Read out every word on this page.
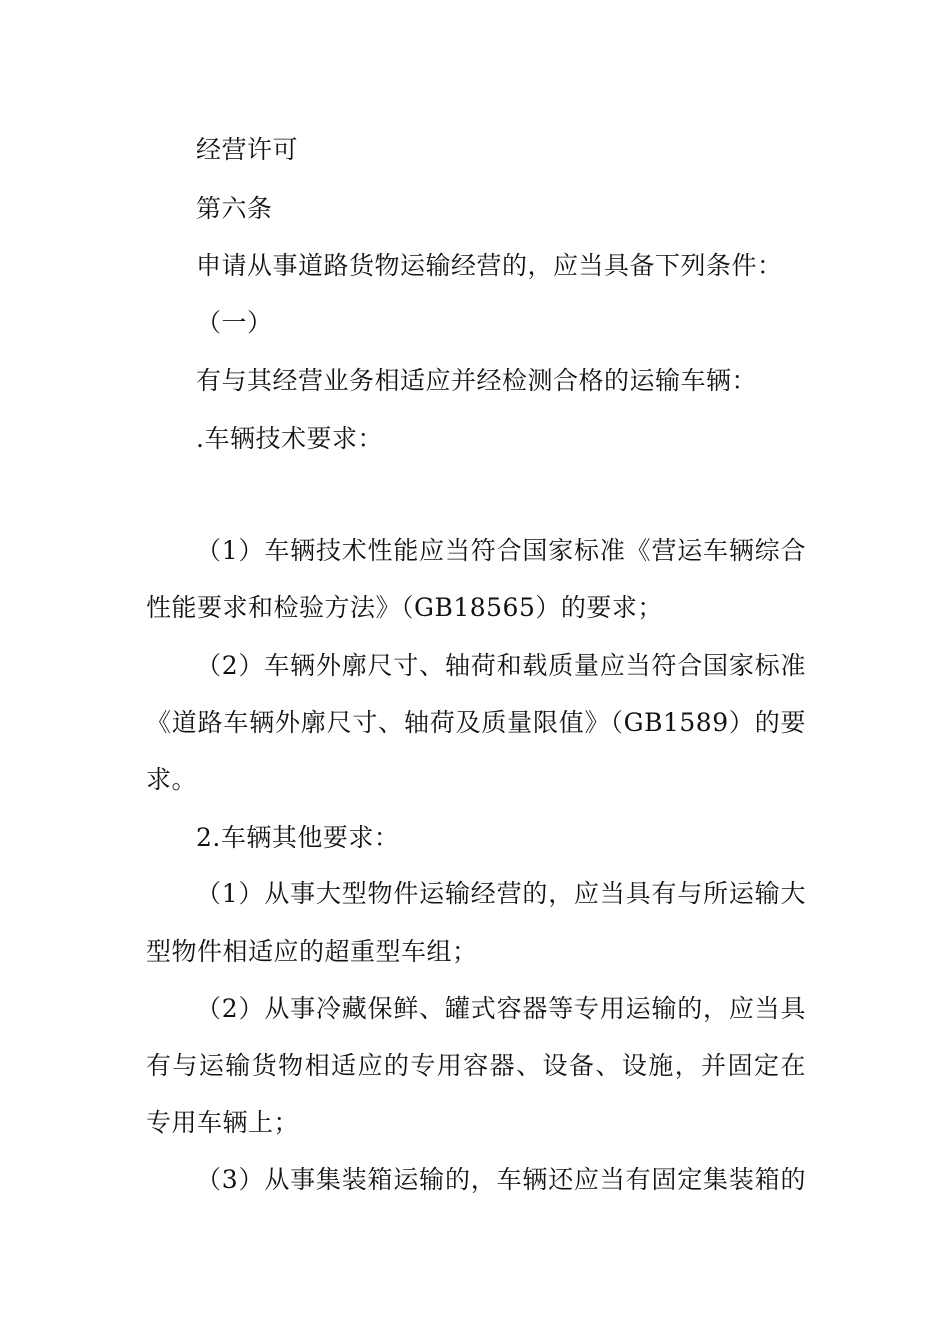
经营许可
第六条
申请从事道路货物运输经营的，应当具备下列条件：
（一）
有与其经营业务相适应并经检测合格的运输车辆：
.车辆技术要求：
（1）车辆技术性能应当符合国家标准《营运车辆综合
性能要求和检验方法》（GB18565）的要求；
（2）车辆外廓尺寸、轴荷和载质量应当符合国家标准
《道路车辆外廓尺寸、轴荷及质量限值》（GB1589）的要
求。
2.车辆其他要求：
（1）从事大型物件运输经营的，应当具有与所运输大
型物件相适应的超重型车组；
（2）从事冷藏保鲜、罐式容器等专用运输的，应当具
有与运输货物相适应的专用容器、设备、设施，并固定在
专用车辆上；
（3）从事集装箱运输的，车辆还应当有固定集装箱的
